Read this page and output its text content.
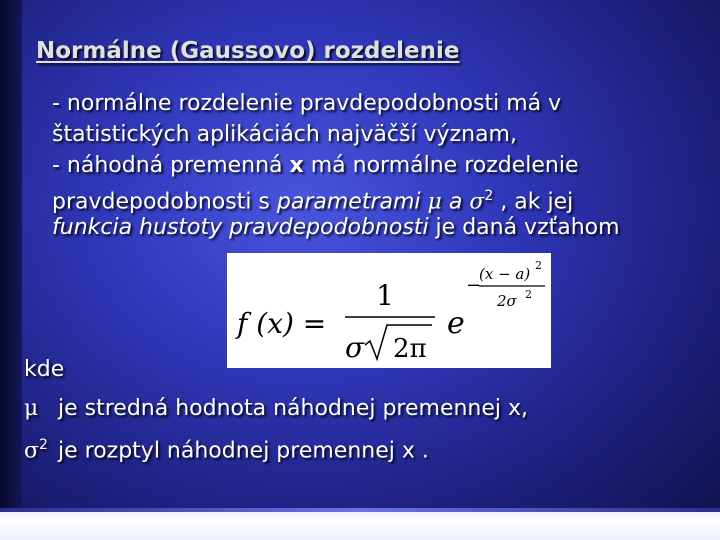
Normálne (Gaussovo) rozdelenie
- normálne rozdelenie pravdepodobnosti má v
štatistických aplikáciách najväčší význam,
- náhodná premenná x má normálne rozdelenie
pravdepodobnosti s parametrami μ a $\sigma^2$ , ak jej
funkcia hustoty pravdepodobnosti je daná vzťahom
f (x) =
1
σ 2π
e
−
(x − a) 2
2σ 2
kde
μ je stredná hodnota náhodnej premennej x,
$\sigma^2$ je rozptyl náhodnej premennej x .
